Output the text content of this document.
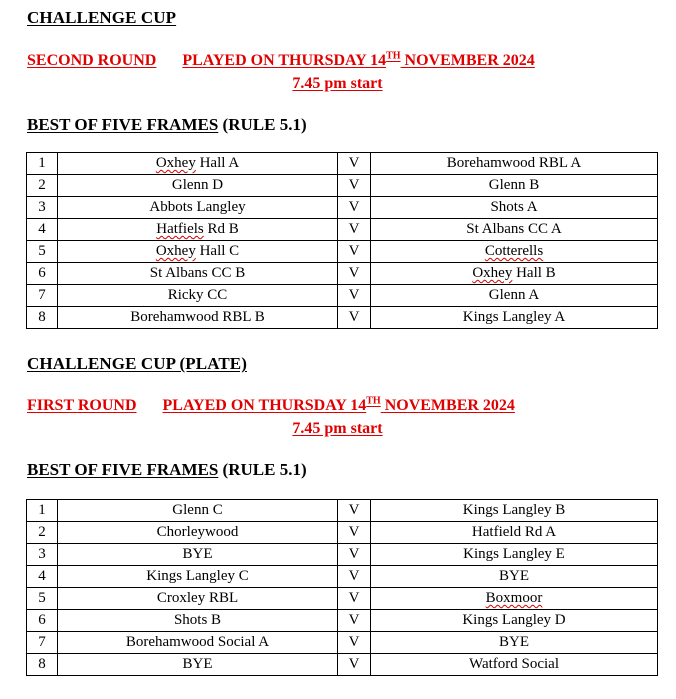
CHALLENGE CUP
SECOND ROUND PLAYED ON THURSDAY 14TH NOVEMBER 2024
7.45 pm start
BEST OF FIVE FRAMES (RULE 5.1)
1	Oxhey Hall A	V	Borehamwood RBL A
2	Glenn D	V	Glenn B
3	Abbots Langley	V	Shots A
4	Hatfiels Rd B	V	St Albans CC A
5	Oxhey Hall C	V	Cotterells
6	St Albans CC B	V	Oxhey Hall B
7	Ricky CC	V	Glenn A
8	Borehamwood RBL B	V	Kings Langley A
CHALLENGE CUP (PLATE)
FIRST ROUND PLAYED ON THURSDAY 14TH NOVEMBER 2024
7.45 pm start
BEST OF FIVE FRAMES (RULE 5.1)
1	Glenn C	V	Kings Langley B
2	Chorleywood	V	Hatfield Rd A
3	BYE	V	Kings Langley E
4	Kings Langley C	V	BYE
5	Croxley RBL	V	Boxmoor
6	Shots B	V	Kings Langley D
7	Borehamwood Social A	V	BYE
8	BYE	V	Watford Social
